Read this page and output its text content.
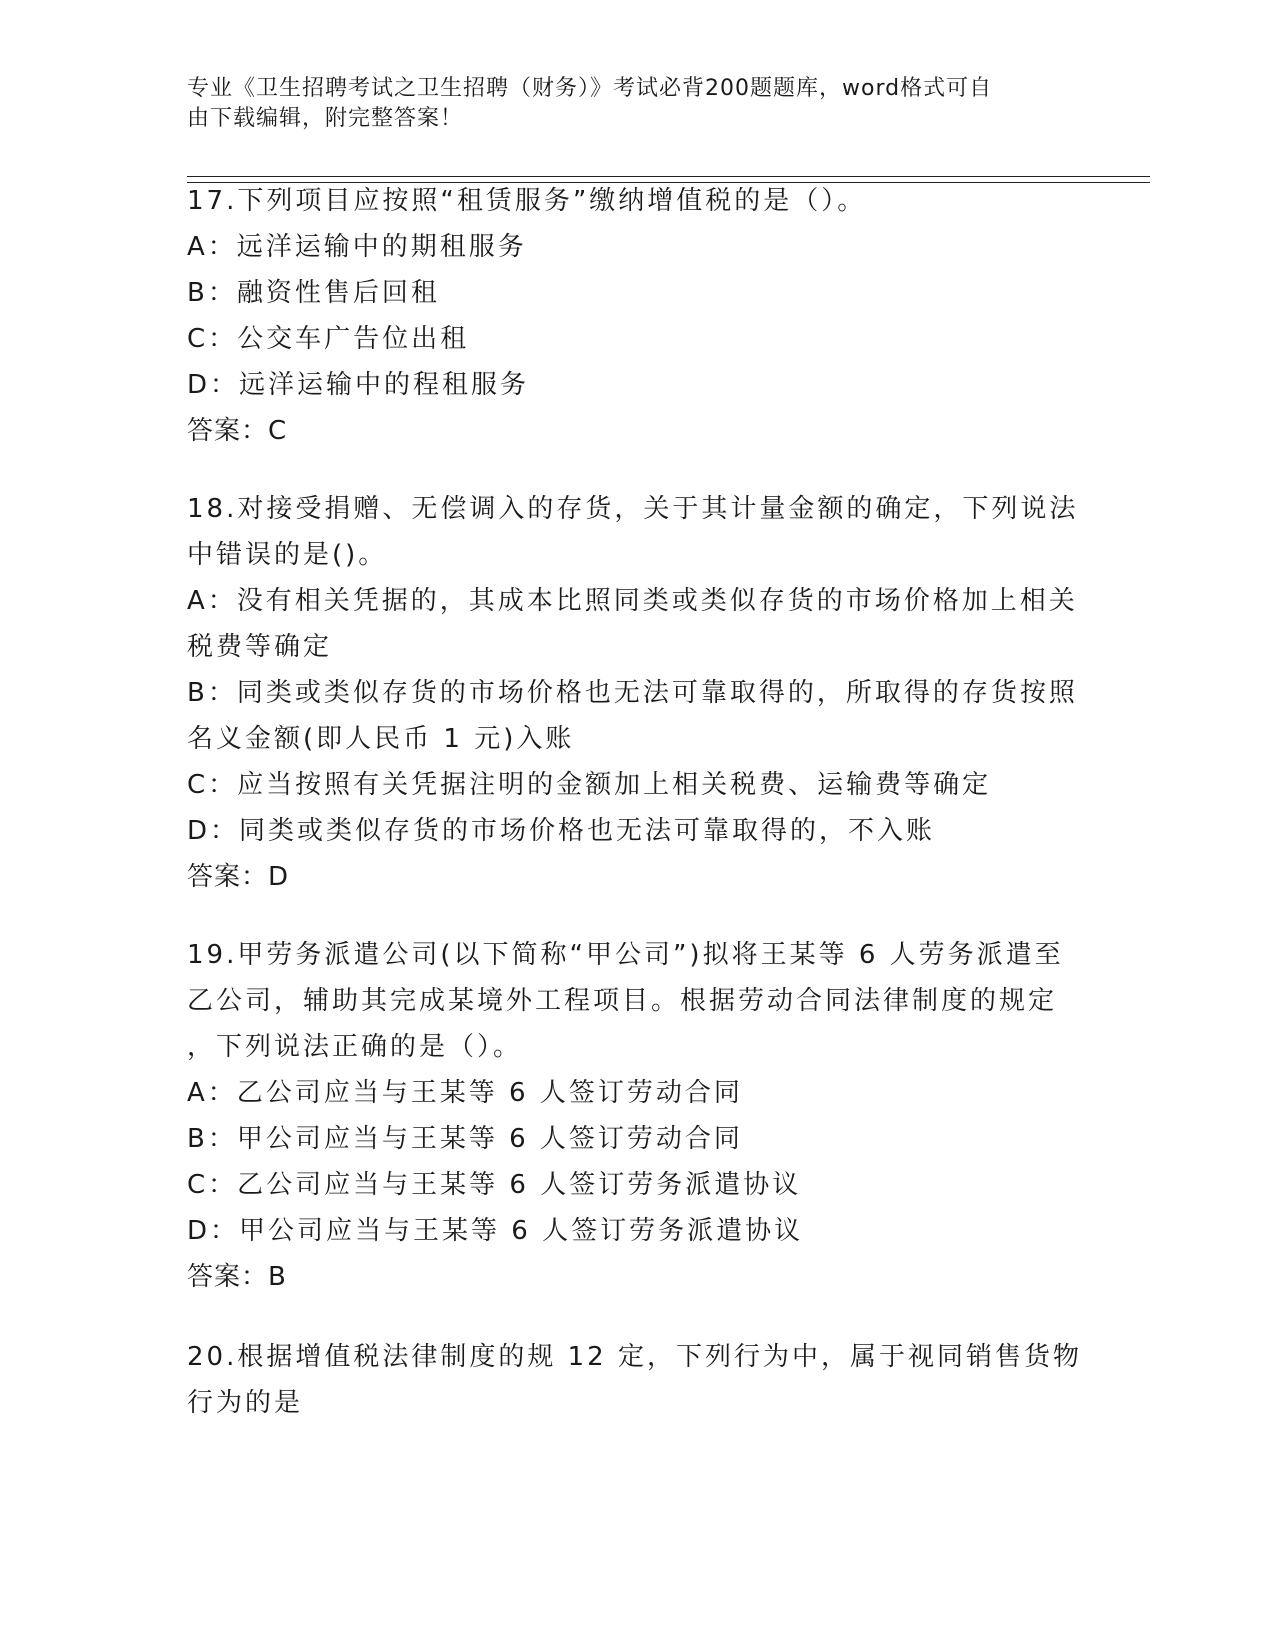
专业《卫生招聘考试之卫生招聘（财务）》考试必背200题题库，word格式可自
由下载编辑，附完整答案！
17.下列项目应按照“租赁服务”缴纳增值税的是（）。
A：远洋运输中的期租服务
B：融资性售后回租
C：公交车广告位出租
D：远洋运输中的程租服务
答案：C
18.对接受捐赠、无偿调入的存货，关于其计量金额的确定，下列说法
中错误的是()。
A：没有相关凭据的，其成本比照同类或类似存货的市场价格加上相关
税费等确定
B：同类或类似存货的市场价格也无法可靠取得的，所取得的存货按照
名义金额(即人民币 1 元)入账
C：应当按照有关凭据注明的金额加上相关税费、运输费等确定
D：同类或类似存货的市场价格也无法可靠取得的，不入账
答案：D
19.甲劳务派遣公司(以下简称“甲公司”)拟将王某等 6 人劳务派遣至
乙公司，辅助其完成某境外工程项目。根据劳动合同法律制度的规定
，下列说法正确的是（）。
A：乙公司应当与王某等 6 人签订劳动合同
B：甲公司应当与王某等 6 人签订劳动合同
C：乙公司应当与王某等 6 人签订劳务派遣协议
D：甲公司应当与王某等 6 人签订劳务派遣协议
答案：B
20.根据增值税法律制度的规 12 定，下列行为中，属于视同销售货物
行为的是
